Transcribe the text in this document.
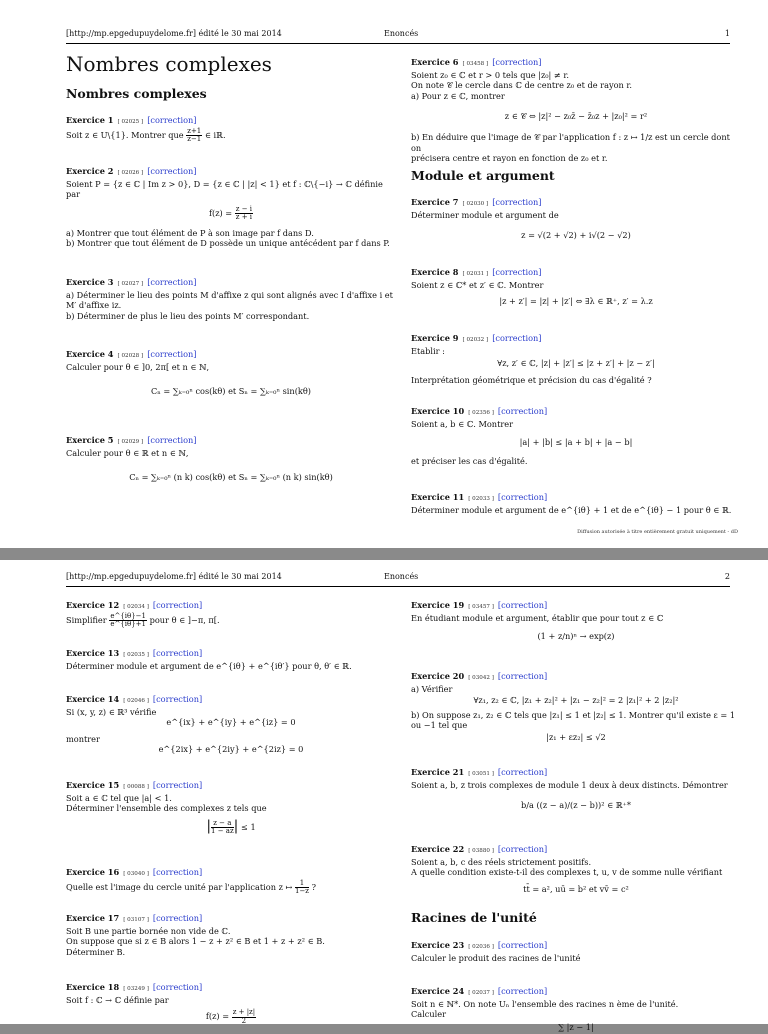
[http://mp.epgedupuydelome.fr] édité le 30 mai 2014	Enoncés	1
Nombres complexes
Nombres complexes
Exercice 1 [ 02025 ] [correction]

Soit z ∈ U\{1}. Montrer que $\frac{z+1}{z-1}$ ∈ iℝ.

Exercice 2 [ 02026 ] [correction]

Soient P = {z ∈ ℂ | Im z > 0}, D = {z ∈ ℂ | |z| < 1} et f : ℂ\{−i} → ℂ définie

par

$f(z) = \frac{z - i}{z + i}$

a) Montrer que tout élément de P à son image par f dans D.

b) Montrer que tout élément de D possède un unique antécédent par f dans P.

Exercice 3 [ 02027 ] [correction]

a) Déterminer le lieu des points M d'affixe z qui sont alignés avec I d'affixe i et

M′ d'affixe iz.

b) Déterminer de plus le lieu des points M′ correspondant.

Exercice 4 [ 02028 ] [correction]

Calculer pour θ ∈ ]0, 2π[ et n ∈ ℕ,

Cₙ = ∑ₖ₌₀ⁿ cos(kθ) et Sₙ = ∑ₖ₌₀ⁿ sin(kθ)
Exercice 5 [ 02029 ] [correction]

Calculer pour θ ∈ ℝ et n ∈ ℕ,

Cₙ = ∑ₖ₌₀ⁿ (n k) cos(kθ) et Sₙ = ∑ₖ₌₀ⁿ (n k) sin(kθ)
Exercice 6 [ 03458 ] [correction]

Soient z₀ ∈ ℂ et r > 0 tels que |z₀| ≠ r.

On note 𝒞 le cercle dans ℂ de centre z₀ et de rayon r.

a) Pour z ∈ ℂ, montrer

z ∈ 𝒞 ⇔ |z|² − z₀z̄ − z̄₀z + |z₀|² = r²

b) En déduire que l'image de 𝒞 par l'application f : z ↦ 1/z est un cercle dont on

précisera centre et rayon en fonction de z₀ et r.

Module et argument
Exercice 7 [ 02030 ] [correction]

Déterminer module et argument de

z = √(2 + √2) + i√(2 − √2)
Exercice 8 [ 02031 ] [correction]

Soient z ∈ ℂ* et z′ ∈ ℂ. Montrer

|z + z′| = |z| + |z′| ⇔ ∃λ ∈ ℝ⁺, z′ = λ.z
Exercice 9 [ 02032 ] [correction]

Etablir :

∀z, z′ ∈ ℂ, |z| + |z′| ≤ |z + z′| + |z − z′|

Interprétation géométrique et précision du cas d'égalité ?

Exercice 10 [ 02356 ] [correction]

Soient a, b ∈ ℂ. Montrer

|a| + |b| ≤ |a + b| + |a − b|

et préciser les cas d'égalité.

Exercice 11 [ 02033 ] [correction]

Déterminer module et argument de e^{iθ} + 1 et de e^{iθ} − 1 pour θ ∈ ℝ.

Diffusion autorisée à titre entièrement gratuit uniquement - dD
[http://mp.epgedupuydelome.fr] édité le 30 mai 2014	Enoncés	2
Exercice 12 [ 02034 ] [correction]

Simplifier $\frac{e\^{}\{i\theta\}-1}{e\^{}\{i\theta\}+1}$ pour θ ∈ ]−π, π[.

Exercice 13 [ 02035 ] [correction]

Déterminer module et argument de e^{iθ} + e^{iθ′} pour θ, θ′ ∈ ℝ.

Exercice 14 [ 02046 ] [correction]

Si (x, y, z) ∈ ℝ³ vérifie

e^{ix} + e^{iy} + e^{iz} = 0

montrer

e^{2ix} + e^{2iy} + e^{2iz} = 0
Exercice 15 [ 00088 ] [correction]

Soit a ∈ ℂ tel que |a| < 1.

Déterminer l'ensemble des complexes z tels que

| $\frac{z - a}{1 - āz}$ | ≤ 1
Exercice 16 [ 03040 ] [correction]

Quelle est l'image du cercle unité par l'application z ↦ $\frac{1}{1-z}$ ?

Exercice 17 [ 03107 ] [correction]

Soit B une partie bornée non vide de ℂ.

On suppose que si z ∈ B alors 1 − z + z² ∈ B et 1 + z + z² ∈ B.

Déterminer B.

Exercice 18 [ 03249 ] [correction]

Soit f : ℂ → ℂ définie par

$f(z) = \frac{z + |z|}{2}$
Exercice 19 [ 03457 ] [correction]

En étudiant module et argument, établir que pour tout z ∈ ℂ

(1 + z/n)ⁿ → exp(z)
Exercice 20 [ 03042 ] [correction]

a) Vérifier

∀z₁, z₂ ∈ ℂ, |z₁ + z₂|² + |z₁ − z₂|² = 2 |z₁|² + 2 |z₂|²

b) On suppose z₁, z₂ ∈ ℂ tels que |z₁| ≤ 1 et |z₂| ≤ 1. Montrer qu'il existe ε = 1

ou −1 tel que

|z₁ + εz₂| ≤ √2
Exercice 21 [ 03051 ] [correction]

Soient a, b, z trois complexes de module 1 deux à deux distincts. Démontrer

b/a ((z − a)/(z − b))² ∈ ℝ⁺*
Exercice 22 [ 03880 ] [correction]

Soient a, b, c des réels strictement positifs.

A quelle condition existe-t-il des complexes t, u, v de somme nulle vérifiant

tt̄ = a², uū = b² et vv̄ = c²
Racines de l'unité
Exercice 23 [ 02036 ] [correction]

Calculer le produit des racines de l'unité

Exercice 24 [ 02037 ] [correction]

Soit n ∈ ℕ*. On note Uₙ l'ensemble des racines n ème de l'unité.

Calculer

∑ |z − 1|
